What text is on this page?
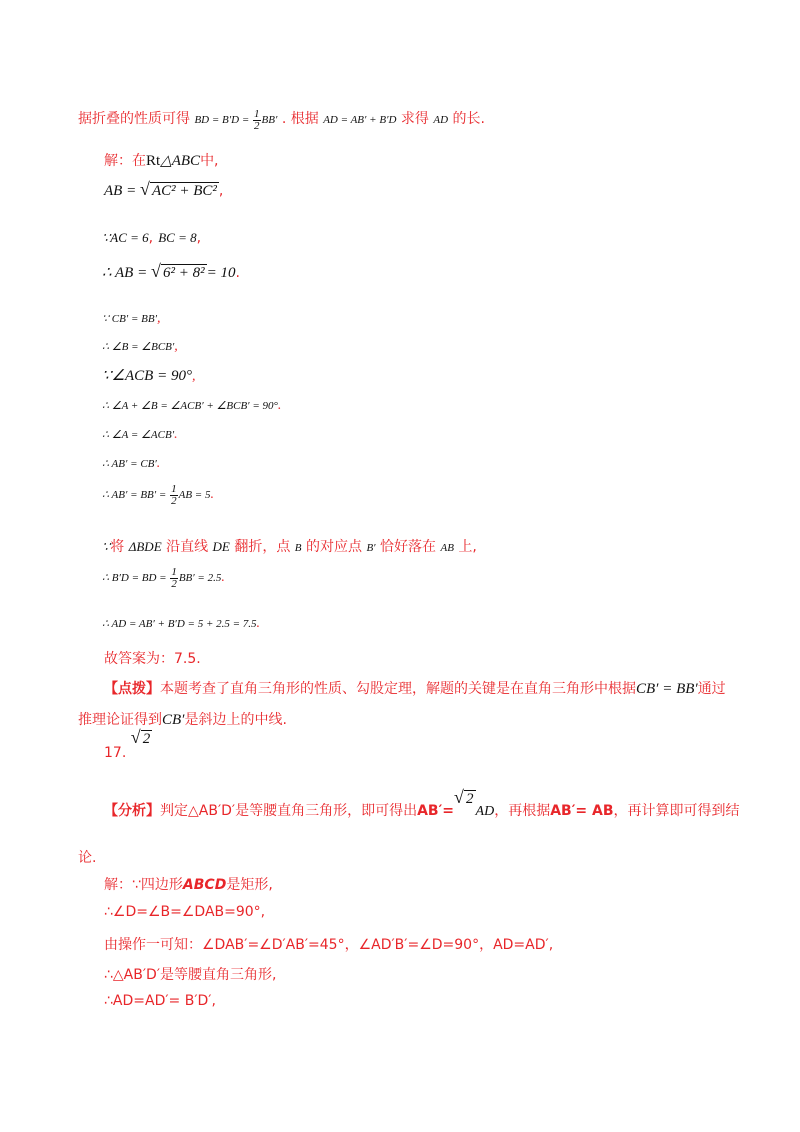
据折叠的性质可得 BD = $B'D = \frac{1}{2} BB'$ . 根据 AD = AB′ + B′D 求得 AD 的长.
解：在Rt△ABC中,
AB = √ AC² + BC² ,
∵AC = 6, BC = 8,
∴ AB = √ 6² + 8² = 10.
∵ CB′ = BB′,
∴ ∠B = ∠BCB′,
∵∠ACB = 90°,
∴ ∠A + ∠B = ∠ACB′ + ∠BCB′ = 90°.
∴ ∠A = ∠ACB′.
∴ AB′ = CB′.
∴ $AB' = BB' = \frac{1}{2}$ AB = 5.
∵将 ΔBDE 沿直线 DE 翻折，点 B 的对应点 B′ 恰好落在 AB 上,
∴ B′D = BD = $\frac{1}{2} BB' = 2.5$.
∴ AD = AB′ + B′D = 5 + 2.5 = 7.5.
故答案为：7.5.
【点拨】本题考查了直角三角形的性质、勾股定理，解题的关键是在直角三角形中根据CB′ = BB′通过
推理论证得到CB′是斜边上的中线.
17.
√ 2
【分析】判定△AB′D′是等腰直角三角形，即可得出AB′=
√ 2AD，再根据AB′= AB，再计算即可得到结
论.
解：∵四边形ABCD是矩形,
∴∠D=∠B=∠DAB=90°,
由操作一可知：∠DAB′=∠D′AB′=45°，∠AD′B′=∠D=90°，AD=AD′,
∴△AB′D′是等腰直角三角形,
∴AD=AD′= B′D′,
